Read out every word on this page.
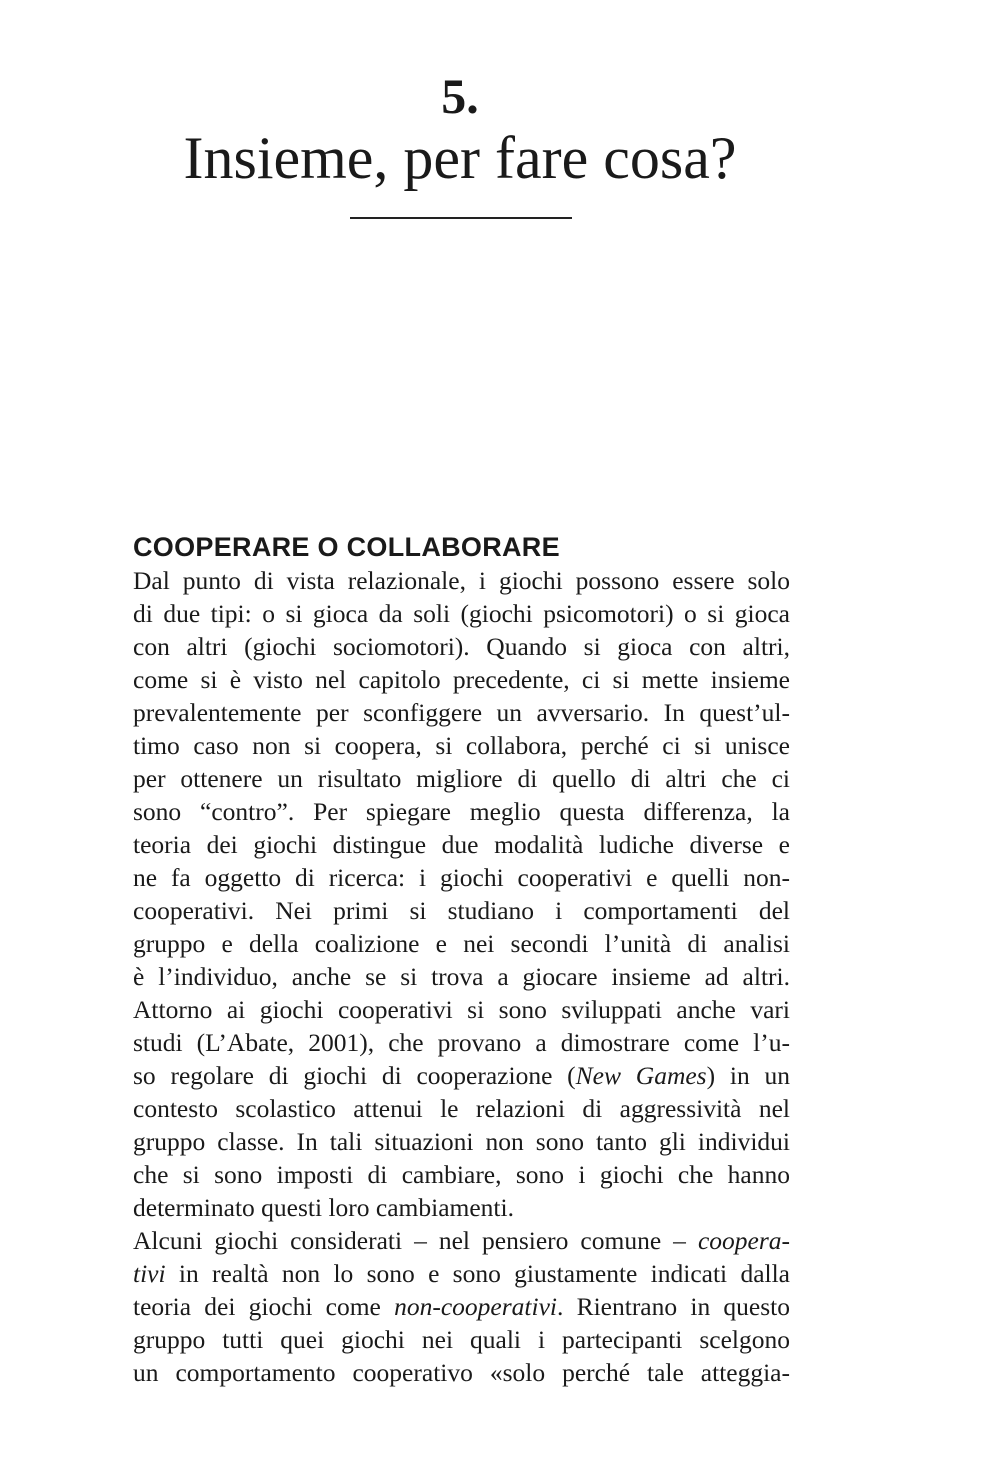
5.
Insieme, per fare cosa?
COOPERARE O COLLABORARE
Dal punto di vista relazionale, i giochi possono essere solo
di due tipi: o si gioca da soli (giochi psicomotori) o si gioca
con altri (giochi sociomotori). Quando si gioca con altri,
come si è visto nel capitolo precedente, ci si mette insieme
prevalentemente per sconfiggere un avversario. In quest’ul-
timo caso non si coopera, si collabora, perché ci si unisce
per ottenere un risultato migliore di quello di altri che ci
sono “contro”. Per spiegare meglio questa differenza, la
teoria dei giochi distingue due modalità ludiche diverse e
ne fa oggetto di ricerca: i giochi cooperativi e quelli non-
cooperativi. Nei primi si studiano i comportamenti del
gruppo e della coalizione e nei secondi l’unità di analisi
è l’individuo, anche se si trova a giocare insieme ad altri.
Attorno ai giochi cooperativi si sono sviluppati anche vari
studi (L’Abate, 2001), che provano a dimostrare come l’u-
so regolare di giochi di cooperazione (New Games) in un
contesto scolastico attenui le relazioni di aggressività nel
gruppo classe. In tali situazioni non sono tanto gli individui
che si sono imposti di cambiare, sono i giochi che hanno
determinato questi loro cambiamenti.
Alcuni giochi considerati – nel pensiero comune – coopera-
tivi in realtà non lo sono e sono giustamente indicati dalla
teoria dei giochi come non-cooperativi. Rientrano in questo
gruppo tutti quei giochi nei quali i partecipanti scelgono
un comportamento cooperativo «solo perché tale atteggia-
